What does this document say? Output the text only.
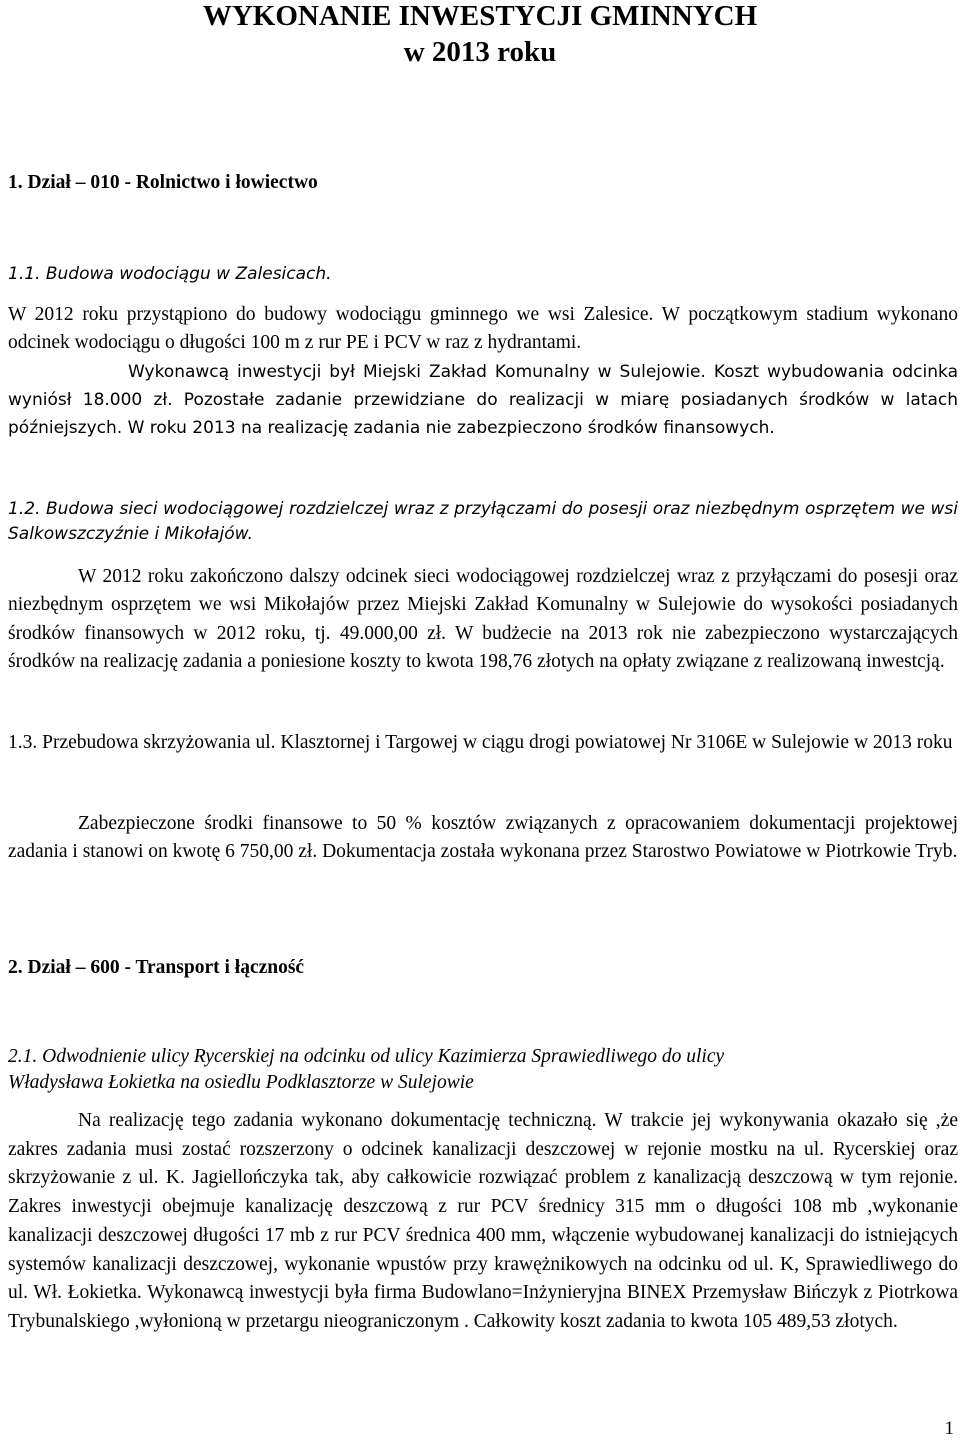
WYKONANIE INWESTYCJI GMINNYCH
w 2013 roku
1. Dział – 010 - Rolnictwo i łowiectwo
1.1. Budowa wodociągu w Zalesicach.
W 2012 roku przystąpiono do budowy wodociągu gminnego we wsi Zalesice. W początkowym stadium wykonano odcinek wodociągu o długości 100 m z rur PE i PCV w raz z hydrantami.
Wykonawcą inwestycji był Miejski Zakład Komunalny w Sulejowie. Koszt wybudowania odcinka wyniósł 18.000 zł. Pozostałe zadanie przewidziane do realizacji w miarę posiadanych środków w latach późniejszych. W roku 2013 na realizację zadania nie zabezpieczono środków finansowych.
1.2. Budowa sieci wodociągowej rozdzielczej wraz z przyłączami do posesji oraz niezbędnym osprzętem we wsi Salkowszczyźnie i Mikołajów.
W 2012 roku zakończono dalszy odcinek sieci wodociągowej rozdzielczej wraz z przyłączami do posesji oraz niezbędnym osprzętem we wsi Mikołajów przez Miejski Zakład Komunalny w Sulejowie do wysokości posiadanych środków finansowych w 2012 roku, tj. 49.000,00 zł. W budżecie na 2013 rok nie zabezpieczono wystarczających środków na realizację zadania a poniesione koszty to kwota 198,76 złotych na opłaty związane z realizowaną inwestcją.
1.3. Przebudowa skrzyżowania ul. Klasztornej i Targowej w ciągu drogi powiatowej Nr 3106E w Sulejowie w 2013 roku
Zabezpieczone środki finansowe to 50 % kosztów związanych z opracowaniem dokumentacji projektowej zadania i stanowi on kwotę 6 750,00 zł. Dokumentacja została wykonana przez Starostwo Powiatowe w Piotrkowie Tryb.
2. Dział – 600 - Transport i łączność
2.1. Odwodnienie ulicy Rycerskiej na odcinku od ulicy Kazimierza Sprawiedliwego do ulicy
Władysława Łokietka na osiedlu Podklasztorze w Sulejowie
Na realizację tego zadania wykonano dokumentację techniczną. W trakcie jej wykonywania okazało się ,że zakres zadania musi zostać rozszerzony o odcinek kanalizacji deszczowej w rejonie mostku na ul. Rycerskiej oraz skrzyżowanie z ul. K. Jagiellończyka tak, aby całkowicie rozwiązać problem z kanalizacją deszczową w tym rejonie. Zakres inwestycji obejmuje kanalizację deszczową z rur PCV średnicy 315 mm o długości 108 mb ,wykonanie kanalizacji deszczowej długości 17 mb z rur PCV średnica 400 mm, włączenie wybudowanej kanalizacji do istniejących systemów kanalizacji deszczowej, wykonanie wpustów przy krawężnikowych na odcinku od ul. K, Sprawiedliwego do ul. Wł. Łokietka. Wykonawcą inwestycji była firma Budowlano=Inżynieryjna BINEX Przemysław Bińczyk z Piotrkowa Trybunalskiego ,wyłonioną w przetargu nieograniczonym . Całkowity koszt zadania to kwota 105 489,53 złotych.
1
